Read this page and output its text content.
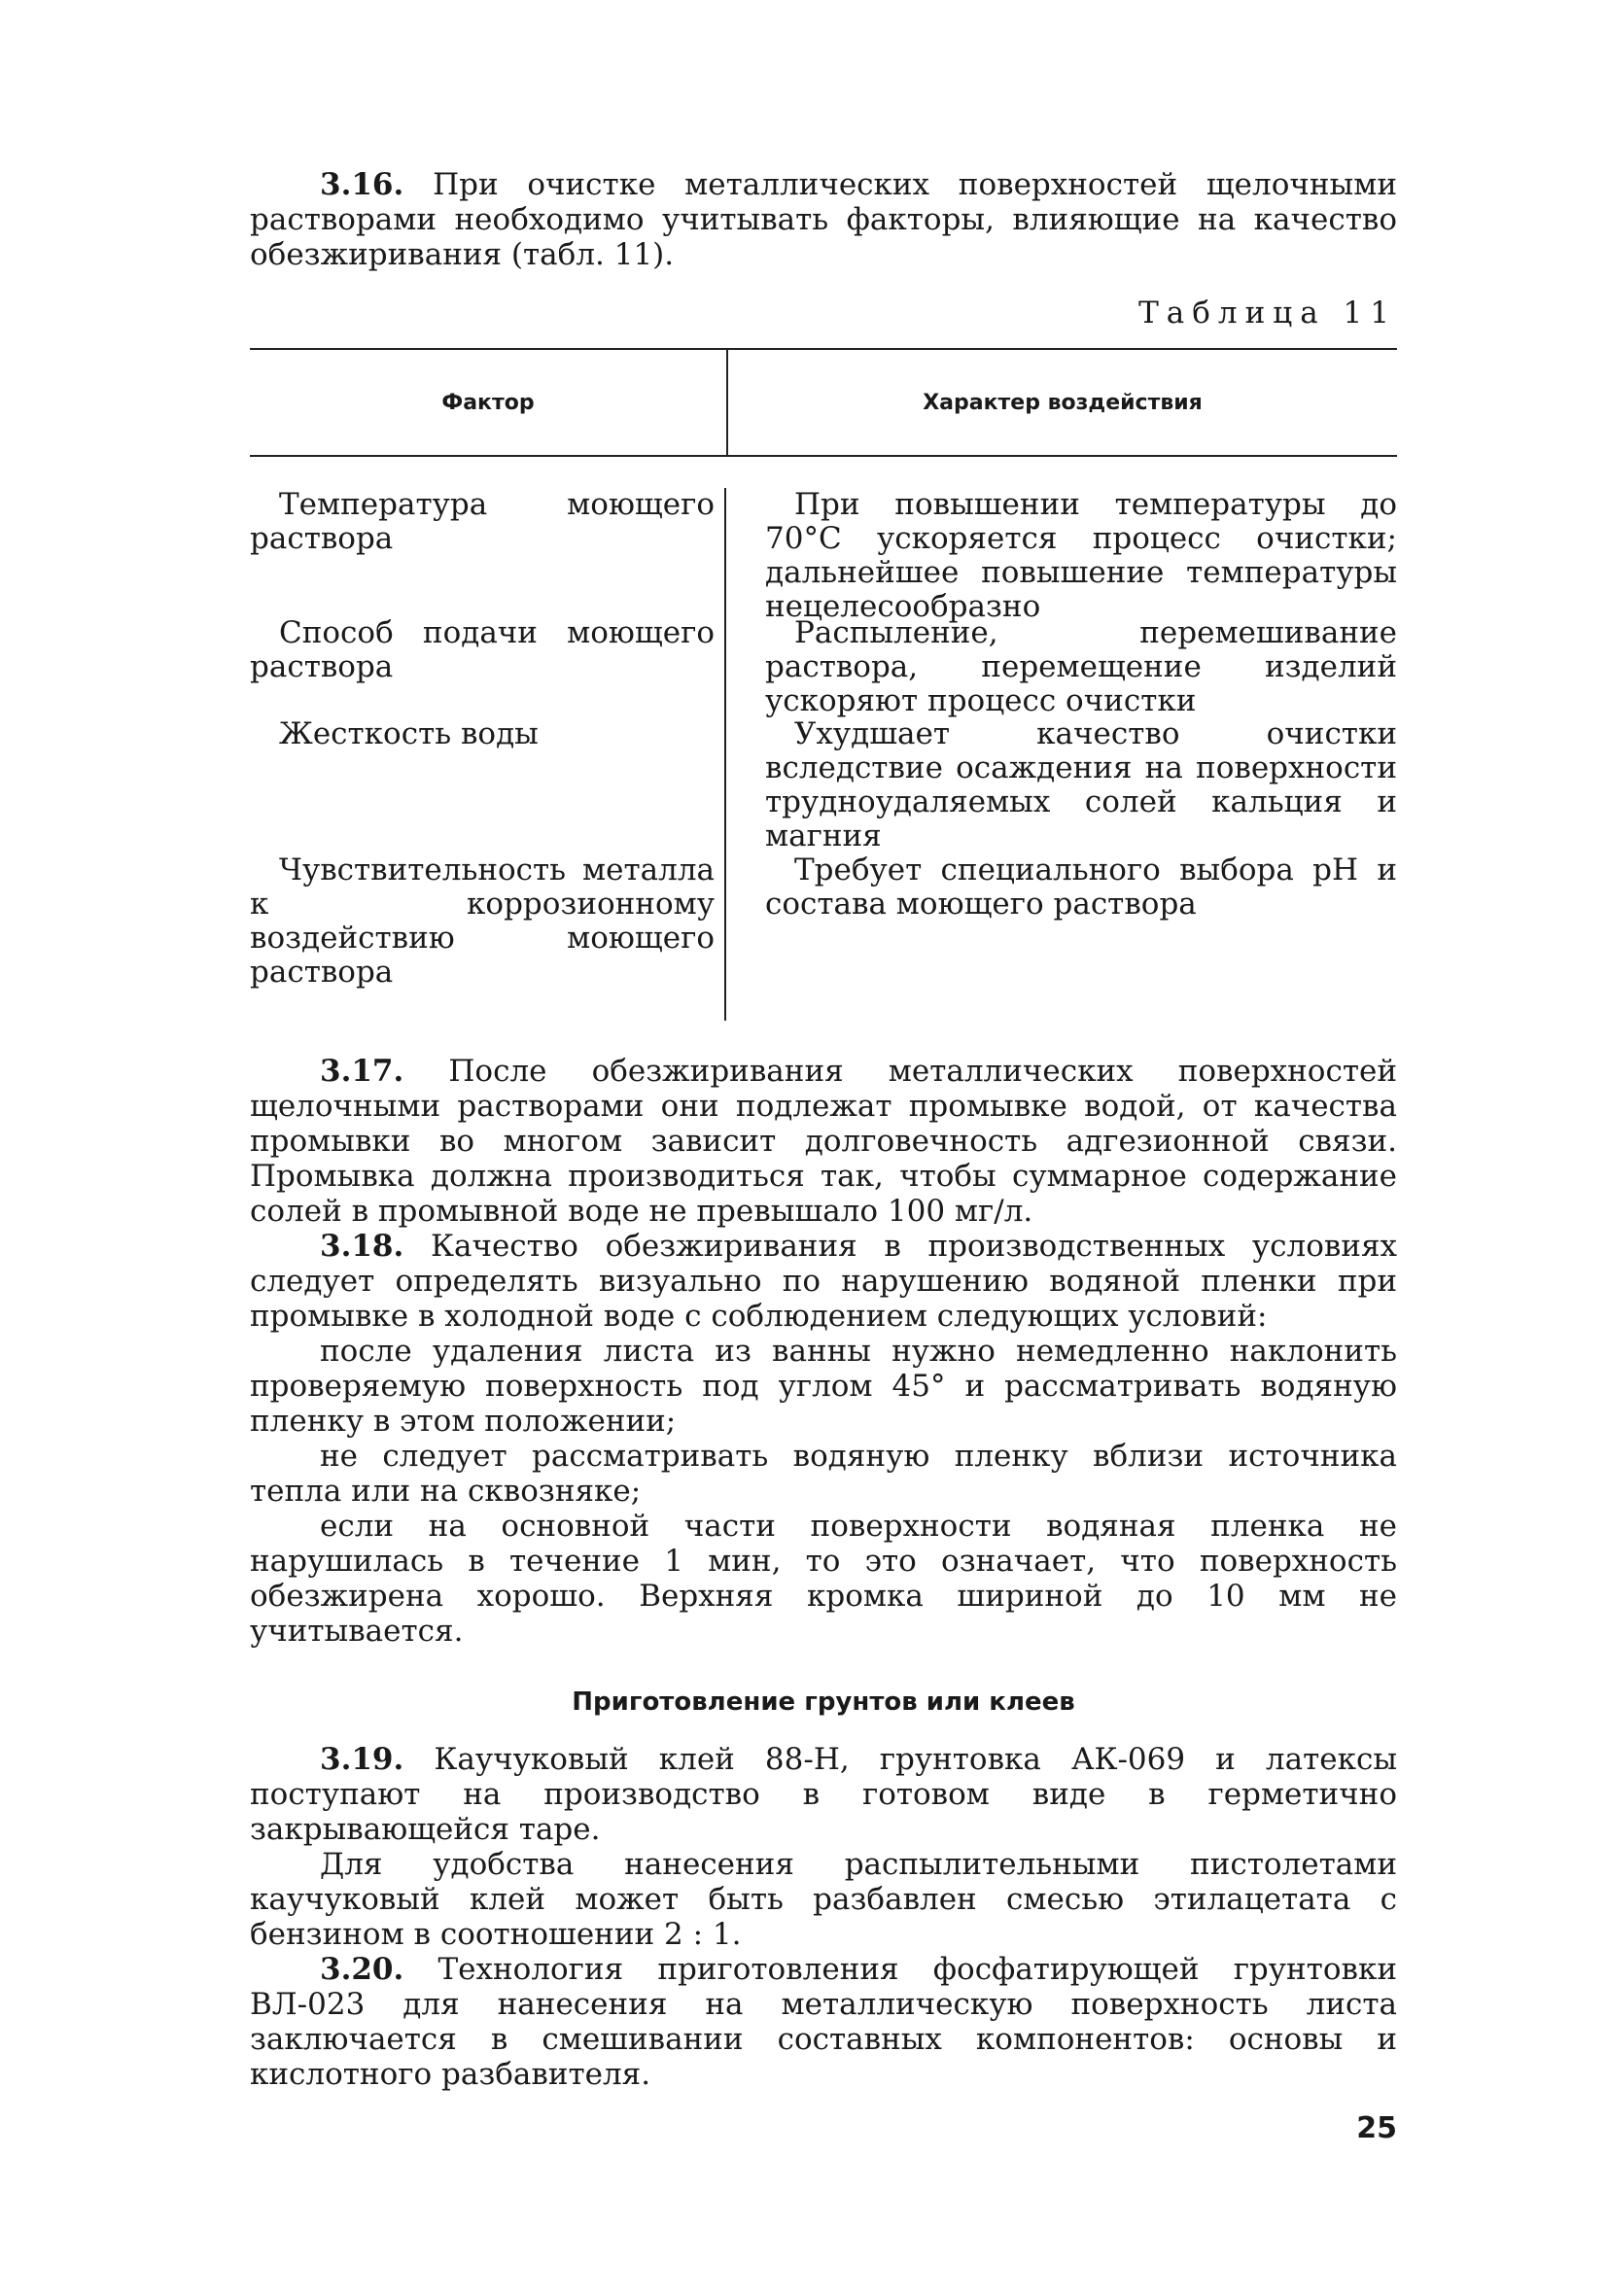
3.16. При очистке металлических поверхностей щелочными растворами необходимо учитывать факторы, влияющие на качество обезжиривания (табл. 11).

Таблица 11
Фактор	Характер воздействия

Температура моющего раствора

Способ подачи моющего раствора

Жесткость воды

Чувствительность металла к коррозионному воздействию моющего раствора

При повышении температуры до 70°С ускоряется процесс очистки; дальнейшее повышение температуры нецелесообразно

Распыление, перемешивание раствора, перемещение изделий ускоряют процесс очистки

Ухудшает качество очистки вследствие осаждения на поверхности трудноудаляемых солей кальция и магния

Требует специального выбора pH и состава моющего раствора

3.17. После обезжиривания металлических поверхностей щелочными растворами они подлежат промывке водой, от качества промывки во многом зависит долговечность адгезионной связи. Промывка должна производиться так, чтобы суммарное содержание солей в промывной воде не превышало 100 мг/л.

3.18. Качество обезжиривания в производственных условиях следует определять визуально по нарушению водяной пленки при промывке в холодной воде с соблюдением следующих условий:

после удаления листа из ванны нужно немедленно наклонить проверяемую поверхность под углом 45° и рассматривать водяную пленку в этом положении;

не следует рассматривать водяную пленку вблизи источника тепла или на сквозняке;

если на основной части поверхности водяная пленка не нарушилась в течение 1 мин, то это означает, что поверхность обезжирена хорошо. Верхняя кромка шириной до 10 мм не учитывается.

Приготовление грунтов или клеев

3.19. Каучуковый клей 88-Н, грунтовка АК-069 и латексы поступают на производство в готовом виде в герметично закрывающейся таре.

Для удобства нанесения распылительными пистолетами каучуковый клей может быть разбавлен смесью этилацетата с бензином в соотношении 2 : 1.

3.20. Технология приготовления фосфатирующей грунтовки ВЛ-023 для нанесения на металлическую поверхность листа заключается в смешивании составных компонентов: основы и кислотного разбавителя.

25
